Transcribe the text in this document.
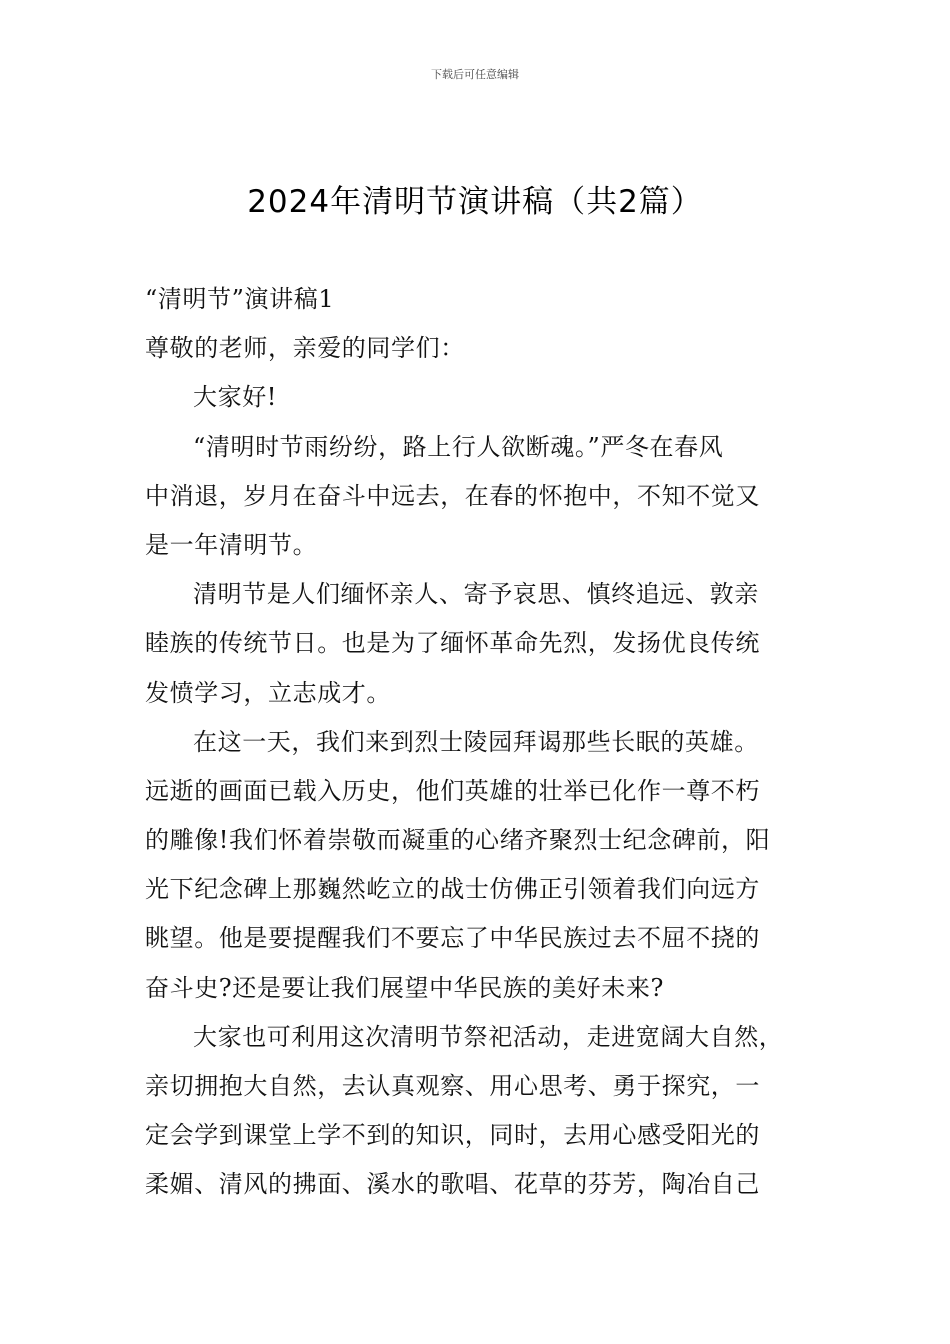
下载后可任意编辑
2024年清明节演讲稿（共2篇）
“清明节”演讲稿1
尊敬的老师，亲爱的同学们：
大家好!
“清明时节雨纷纷，路上行人欲断魂。”严冬在春风
中消退，岁月在奋斗中远去，在春的怀抱中，不知不觉又
是一年清明节。
清明节是人们缅怀亲人、寄予哀思、慎终追远、敦亲
睦族的传统节日。也是为了缅怀革命先烈，发扬优良传统
发愤学习，立志成才。
在这一天，我们来到烈士陵园拜谒那些长眠的英雄。
远逝的画面已载入历史，他们英雄的壮举已化作一尊不朽
的雕像!我们怀着崇敬而凝重的心绪齐聚烈士纪念碑前，阳
光下纪念碑上那巍然屹立的战士仿佛正引领着我们向远方
眺望。他是要提醒我们不要忘了中华民族过去不屈不挠的
奋斗史?还是要让我们展望中华民族的美好未来?
大家也可利用这次清明节祭祀活动，走进宽阔大自然，
亲切拥抱大自然，去认真观察、用心思考、勇于探究，一
定会学到课堂上学不到的知识，同时，去用心感受阳光的
柔媚、清风的拂面、溪水的歌唱、花草的芬芳，陶冶自己
